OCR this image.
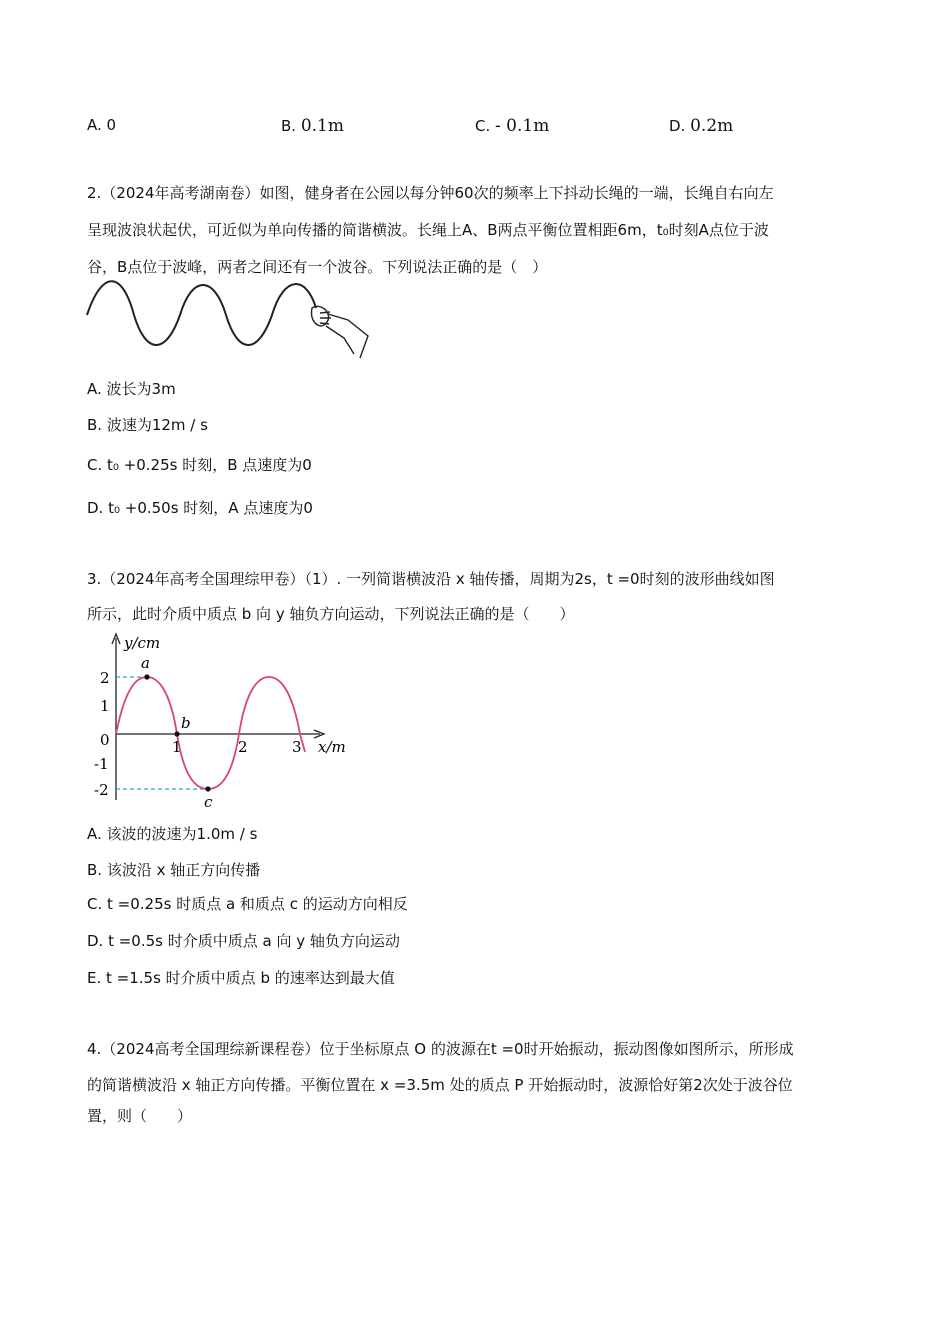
A. 0	B. 0.1m	C. - 0.1m	D. 0.2m
2.（2024年高考湖南卷）如图，健身者在公园以每分钟60次的频率上下抖动长绳的一端，长绳自右向左
呈现波浪状起伏，可近似为单向传播的简谐横波。长绳上A、B两点平衡位置相距6m，t₀时刻A点位于波
谷，B点位于波峰，两者之间还有一个波谷。下列说法正确的是（　）
A. 波长为3m
B. 波速为12m / s
C. t₀ +0.25s 时刻，B 点速度为0
D. t₀ +0.50s 时刻，A 点速度为0
3.（2024年高考全国理综甲卷）（1）. 一列简谐横波沿 x 轴传播，周期为2s，t =0时刻的波形曲线如图
所示，此时介质中质点 b 向 y 轴负方向运动，下列说法正确的是（　　）
y/cm
x/m
2
1
0
-1
-2
1	2	3
a
b
c
A. 该波的波速为1.0m / s
B. 该波沿 x 轴正方向传播
C. t =0.25s 时质点 a 和质点 c 的运动方向相反
D. t =0.5s 时介质中质点 a 向 y 轴负方向运动
E. t =1.5s 时介质中质点 b 的速率达到最大值
4.（2024高考全国理综新课程卷）位于坐标原点 O 的波源在t =0时开始振动，振动图像如图所示，所形成
的简谐横波沿 x 轴正方向传播。平衡位置在 x =3.5m 处的质点 P 开始振动时，波源恰好第2次处于波谷位
置，则（　　）
